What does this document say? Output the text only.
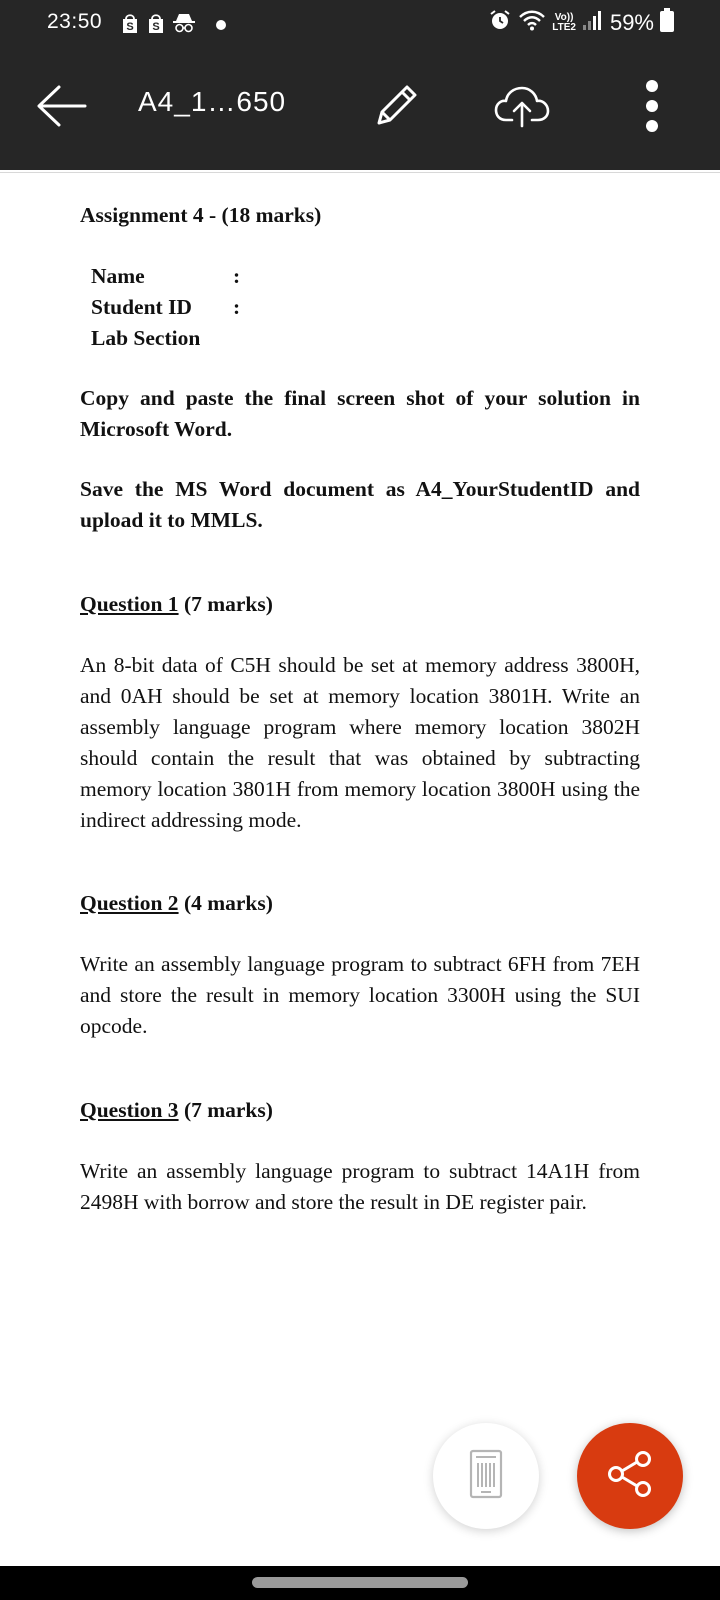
23:50 S S
Vo))
LTE2 59%
A4_1…650
Assignment 4 - (18 marks)
Name	:
Student ID :
Lab Section
Copy and paste the final screen shot of your solution in Microsoft Word.
Save the MS Word document as A4_YourStudentID and upload it to MMLS.
Question 1 (7 marks)
An 8-bit data of C5H should be set at memory address 3800H, and 0AH should be set at memory location 3801H. Write an assembly language program where memory location 3802H should contain the result that was obtained by subtracting memory location 3801H from memory location 3800H using the indirect addressing mode.
Question 2 (4 marks)
Write an assembly language program to subtract 6FH from 7EH and store the result in memory location 3300H using the SUI opcode.
Question 3 (7 marks)
Write an assembly language program to subtract 14A1H from 2498H with borrow and store the result in DE register pair.
